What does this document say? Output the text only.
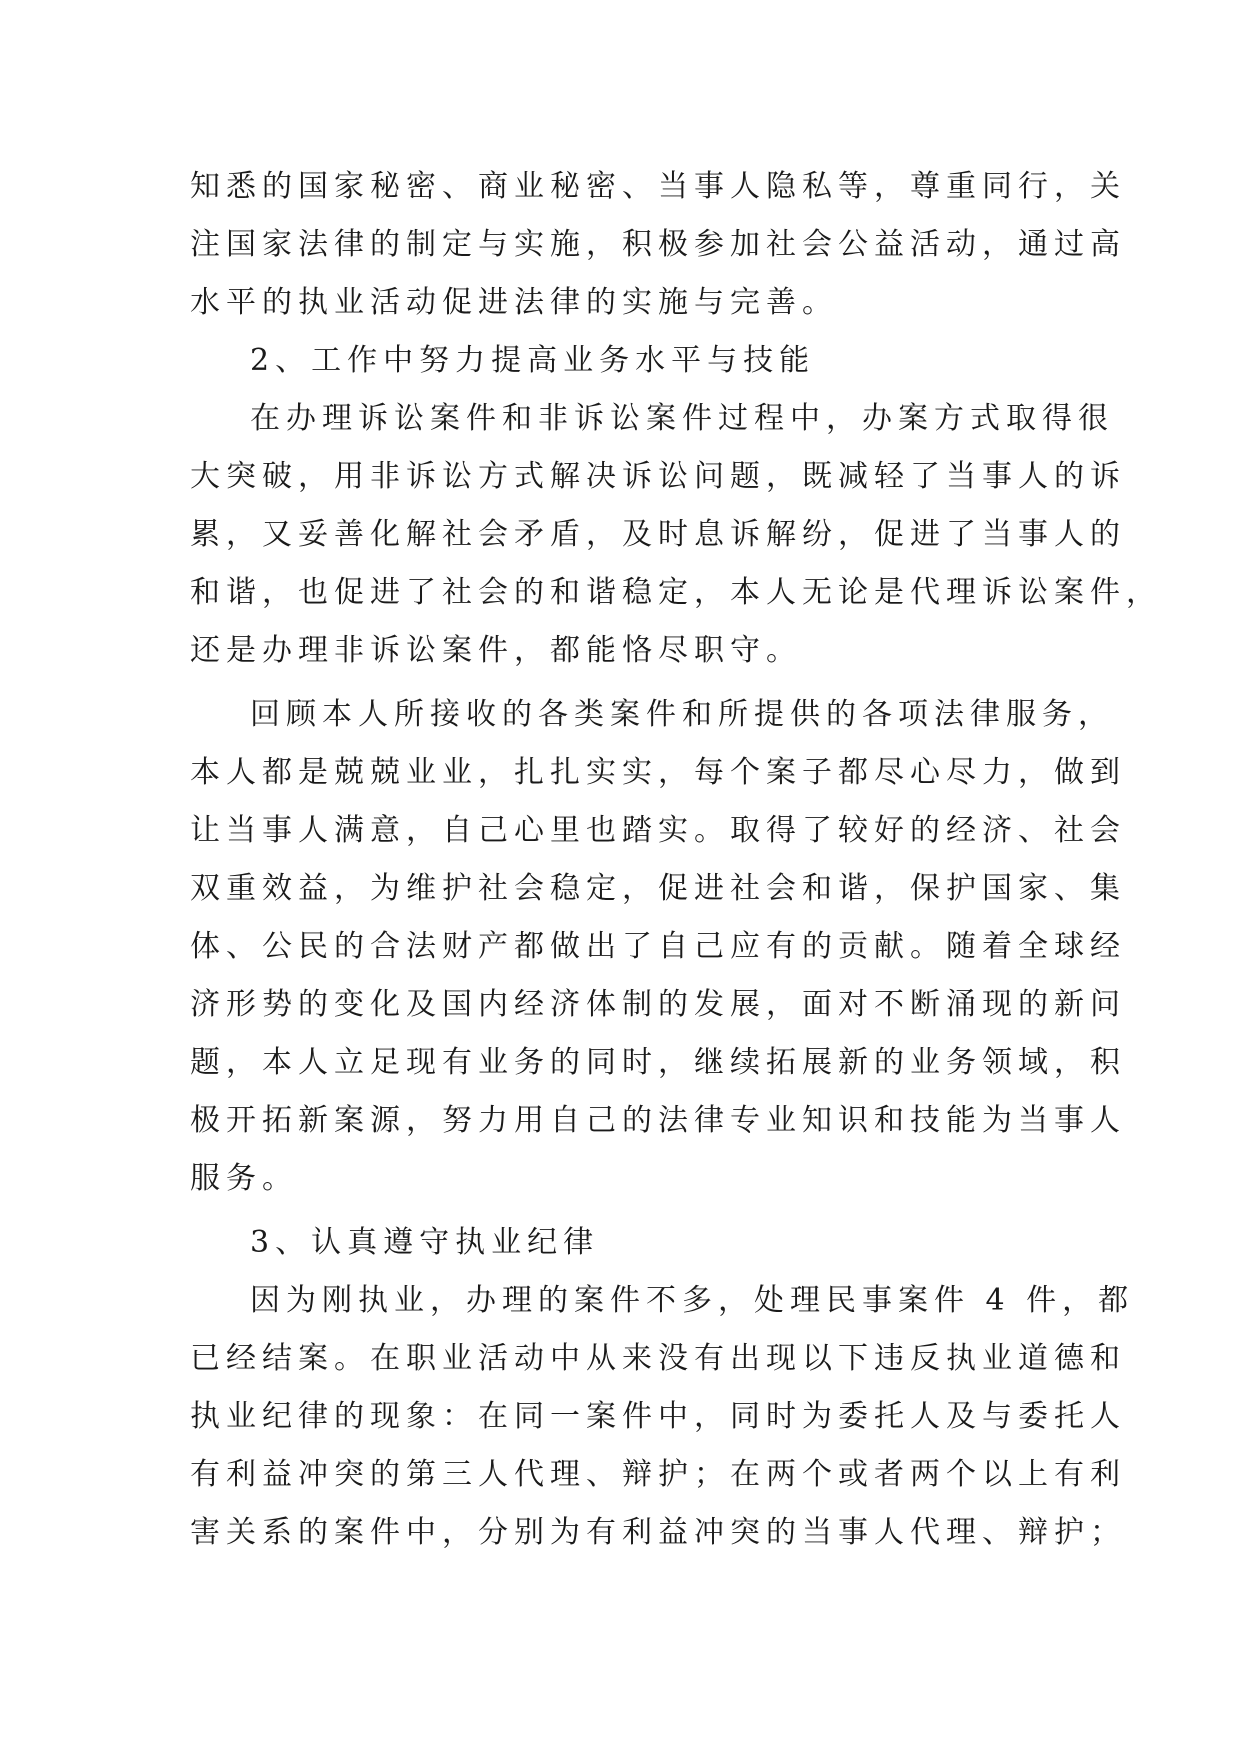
知悉的国家秘密、商业秘密、当事人隐私等，尊重同行，关
注国家法律的制定与实施，积极参加社会公益活动，通过高
水平的执业活动促进法律的实施与完善。
2、工作中努力提高业务水平与技能
在办理诉讼案件和非诉讼案件过程中，办案方式取得很
大突破，用非诉讼方式解决诉讼问题，既减轻了当事人的诉
累，又妥善化解社会矛盾，及时息诉解纷，促进了当事人的
和谐，也促进了社会的和谐稳定，本人无论是代理诉讼案件，
还是办理非诉讼案件，都能恪尽职守。
回顾本人所接收的各类案件和所提供的各项法律服务，
本人都是兢兢业业，扎扎实实，每个案子都尽心尽力，做到
让当事人满意，自己心里也踏实。取得了较好的经济、社会
双重效益，为维护社会稳定，促进社会和谐，保护国家、集
体、公民的合法财产都做出了自己应有的贡献。随着全球经
济形势的变化及国内经济体制的发展，面对不断涌现的新问
题，本人立足现有业务的同时，继续拓展新的业务领域，积
极开拓新案源，努力用自己的法律专业知识和技能为当事人
服务。
3、认真遵守执业纪律
因为刚执业，办理的案件不多，处理民事案件 4 件，都
已经结案。在职业活动中从来没有出现以下违反执业道德和
执业纪律的现象：在同一案件中，同时为委托人及与委托人
有利益冲突的第三人代理、辩护；在两个或者两个以上有利
害关系的案件中，分别为有利益冲突的当事人代理、辩护；
